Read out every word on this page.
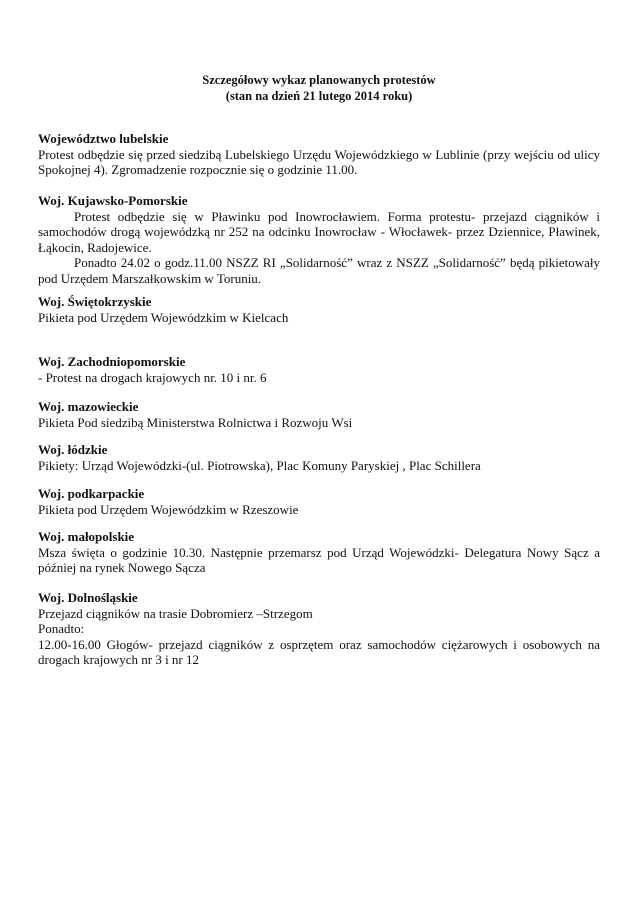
Szczegółowy wykaz planowanych protestów
(stan na dzień 21 lutego 2014 roku)
Województwo lubelskie
Protest odbędzie się przed siedzibą Lubelskiego Urzędu Wojewódzkiego w Lublinie (przy wejściu od ulicy Spokojnej 4). Zgromadzenie rozpocznie się o godzinie 11.00.
Woj. Kujawsko-Pomorskie
Protest odbędzie się w Pławinku pod Inowrocławiem. Forma protestu- przejazd ciągników i samochodów drogą wojewódzką nr 252 na odcinku Inowrocław - Włocławek- przez Dziennice, Pławinek, Łąkocin, Radojewice.
Ponadto 24.02 o godz.11.00 NSZZ RI „Solidarność” wraz z NSZZ „Solidarność” będą pikietowały pod Urzędem Marszałkowskim w Toruniu.
Woj. Świętokrzyskie
Pikieta pod Urzędem Wojewódzkim w Kielcach
Woj. Zachodniopomorskie
- Protest na drogach krajowych nr. 10 i nr. 6
Woj. mazowieckie
Pikieta Pod siedzibą Ministerstwa Rolnictwa i Rozwoju Wsi
Woj. łódzkie
Pikiety: Urząd Wojewódzki-(ul. Piotrowska), Plac Komuny Paryskiej , Plac Schillera
Woj. podkarpackie
Pikieta pod Urzędem Wojewódzkim w Rzeszowie
Woj. małopolskie
Msza święta o godzinie 10.30. Następnie przemarsz pod Urząd Wojewódzki- Delegatura Nowy Sącz a później na rynek Nowego Sącza
Woj. Dolnośląskie
Przejazd ciągników na trasie Dobromierz –Strzegom
Ponadto:
12.00-16.00 Głogów- przejazd ciągników z osprzętem oraz samochodów ciężarowych i osobowych na drogach krajowych nr 3 i nr 12
